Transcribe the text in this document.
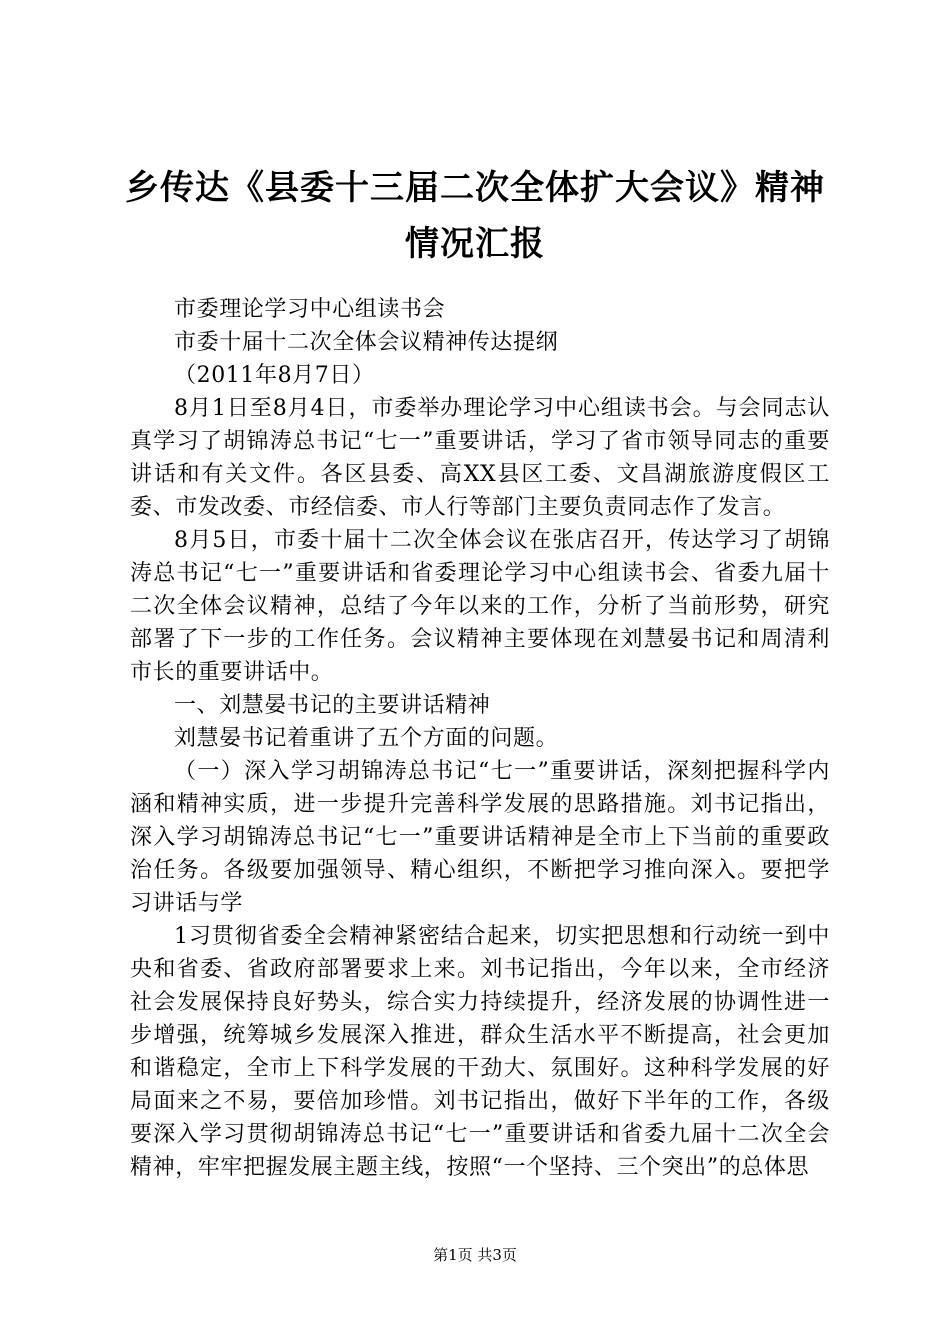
乡传达《县委十三届二次全体扩大会议》精神
情况汇报

市委理论学习中心组读书会

市委十届十二次全体会议精神传达提纲

（2011年8月7日）

8月1日至8月4日，市委举办理论学习中心组读书会。与会同志认真学习了胡锦涛总书记“七一”重要讲话，学习了省市领导同志的重要讲话和有关文件。各区县委、高XX县区工委、文昌湖旅游度假区工委、市发改委、市经信委、市人行等部门主要负责同志作了发言。

8月5日，市委十届十二次全体会议在张店召开，传达学习了胡锦涛总书记“七一”重要讲话和省委理论学习中心组读书会、省委九届十二次全体会议精神，总结了今年以来的工作，分析了当前形势，研究部署了下一步的工作任务。会议精神主要体现在刘慧晏书记和周清利市长的重要讲话中。

一、刘慧晏书记的主要讲话精神

刘慧晏书记着重讲了五个方面的问题。

（一）深入学习胡锦涛总书记“七一”重要讲话，深刻把握科学内涵和精神实质，进一步提升完善科学发展的思路措施。刘书记指出，深入学习胡锦涛总书记“七一”重要讲话精神是全市上下当前的重要政治任务。各级要加强领导、精心组织，不断把学习推向深入。要把学习讲话与学

1习贯彻省委全会精神紧密结合起来，切实把思想和行动统一到中央和省委、省政府部署要求上来。刘书记指出，今年以来，全市经济社会发展保持良好势头，综合实力持续提升，经济发展的协调性进一步增强，统筹城乡发展深入推进，群众生活水平不断提高，社会更加和谐稳定，全市上下科学发展的干劲大、氛围好。这种科学发展的好局面来之不易，要倍加珍惜。刘书记指出，做好下半年的工作，各级要深入学习贯彻胡锦涛总书记“七一”重要讲话和省委九届十二次全会精神，牢牢把握发展主题主线，按照“一个坚持、三个突出”的总体思

第1页 共3页
